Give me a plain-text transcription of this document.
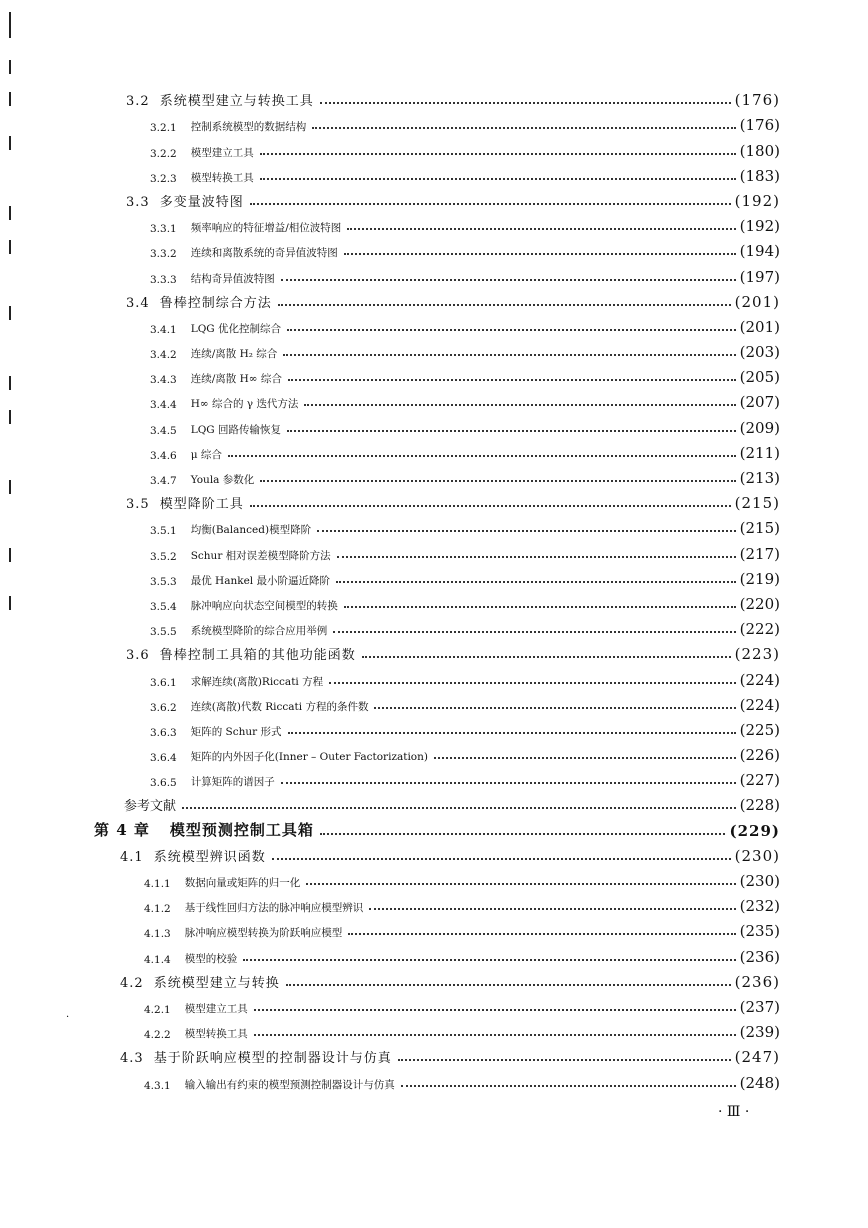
3.2 系统模型建立与转换工具	(176)
3.2.1 控制系统模型的数据结构	(176)
3.2.2 模型建立工具	(180)
3.2.3 模型转换工具	(183)
3.3 多变量波特图	(192)
3.3.1 频率响应的特征增益/相位波特图	(192)
3.3.2 连续和离散系统的奇异值波特图	(194)
3.3.3 结构奇异值波特图	(197)
3.4 鲁棒控制综合方法	(201)
3.4.1 LQG 优化控制综合	(201)
3.4.2 连续/离散 H₂ 综合	(203)
3.4.3 连续/离散 H∞ 综合	(205)
3.4.4 H∞ 综合的 γ 迭代方法	(207)
3.4.5 LQG 回路传输恢复	(209)
3.4.6 μ 综合	(211)
3.4.7 Youla 参数化	(213)
3.5 模型降阶工具	(215)
3.5.1 均衡(Balanced)模型降阶	(215)
3.5.2 Schur 相对误差模型降阶方法	(217)
3.5.3 最优 Hankel 最小阶逼近降阶	(219)
3.5.4 脉冲响应向状态空间模型的转换	(220)
3.5.5 系统模型降阶的综合应用举例	(222)
3.6 鲁棒控制工具箱的其他功能函数	(223)
3.6.1 求解连续(离散)Riccati 方程	(224)
3.6.2 连续(离散)代数 Riccati 方程的条件数	(224)
3.6.3 矩阵的 Schur 形式	(225)
3.6.4 矩阵的内外因子化(Inner – Outer Factorization)	(226)
3.6.5 计算矩阵的谱因子	(227)
参考文献	(228)
第 4 章 模型预测控制工具箱	(229)
4.1 系统模型辨识函数	(230)
4.1.1 数据向量或矩阵的归一化	(230)
4.1.2 基于线性回归方法的脉冲响应模型辨识	(232)
4.1.3 脉冲响应模型转换为阶跃响应模型	(235)
4.1.4 模型的校验	(236)
4.2 系统模型建立与转换	(236)
4.2.1 模型建立工具	(237)
4.2.2 模型转换工具	(239)
4.3 基于阶跃响应模型的控制器设计与仿真	(247)
4.3.1 输入输出有约束的模型预测控制器设计与仿真	(248)
·
· Ⅲ ·
